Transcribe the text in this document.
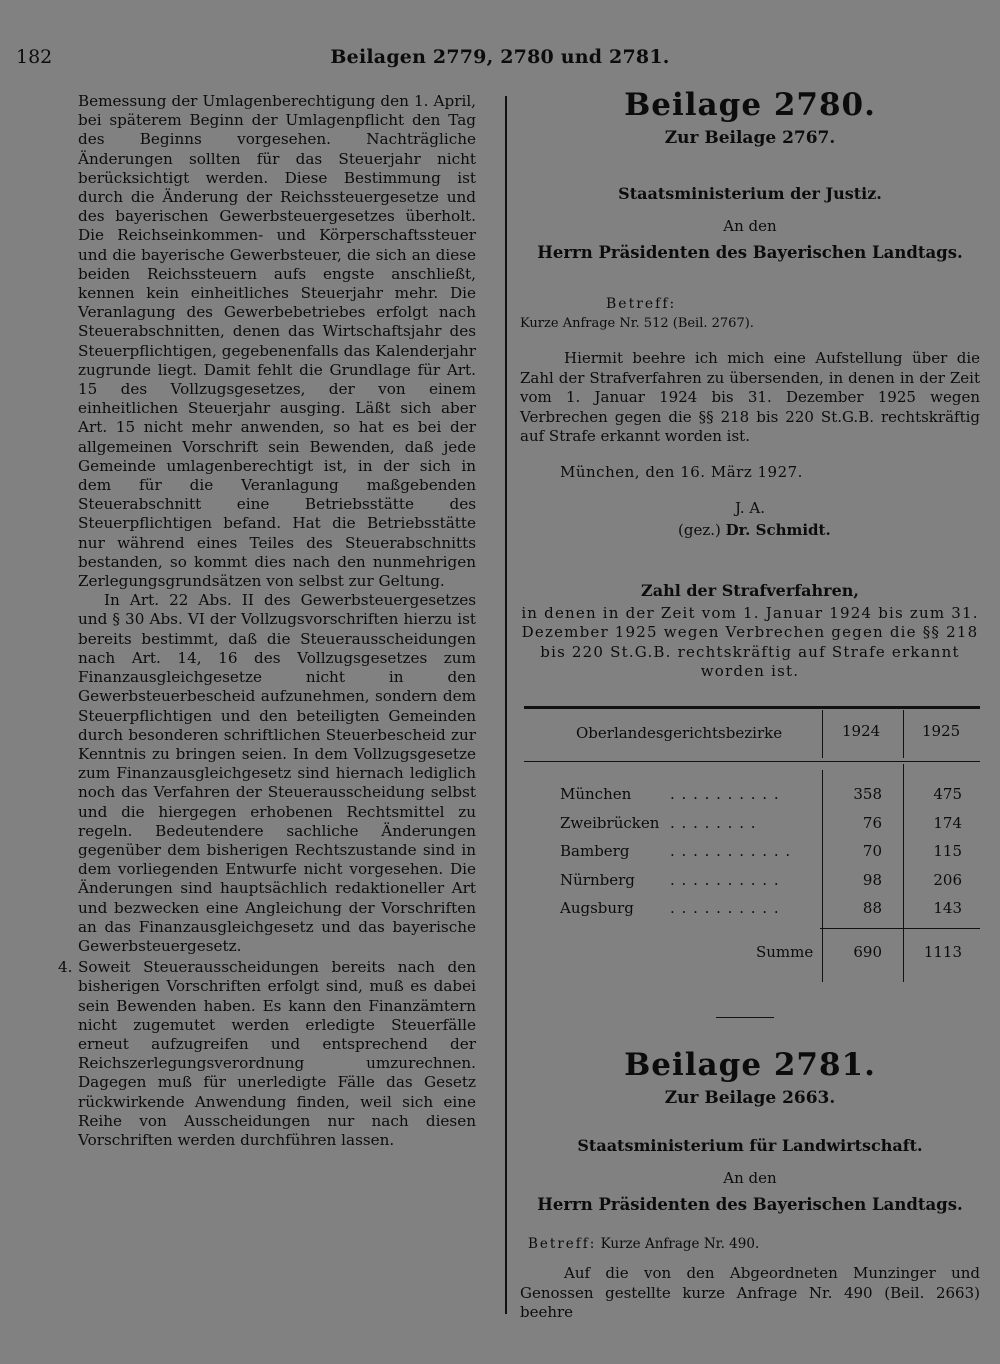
182	Beilagen 2779, 2780 und 2781.

Bemessung der Umlagenberechtigung den 1. April, bei späterem Beginn der Umlagenpflicht den Tag des Beginns vorgesehen. Nachträgliche Änderungen sollten für das Steuerjahr nicht berücksichtigt werden. Diese Bestimmung ist durch die Änderung der Reichssteuergesetze und des bayerischen Gewerbsteuergesetzes überholt. Die Reichseinkommen- und Körperschaftssteuer und die bayerische Gewerbsteuer, die sich an diese beiden Reichssteuern aufs engste anschließt, kennen kein einheitliches Steuerjahr mehr. Die Veranlagung des Gewerbebetriebes erfolgt nach Steuerabschnitten, denen das Wirtschaftsjahr des Steuerpflichtigen, gegebenenfalls das Kalenderjahr zugrunde liegt. Damit fehlt die Grundlage für Art. 15 des Vollzugsgesetzes, der von einem einheitlichen Steuerjahr ausging. Läßt sich aber Art. 15 nicht mehr anwenden, so hat es bei der allgemeinen Vorschrift sein Bewenden, daß jede Gemeinde umlagenberechtigt ist, in der sich in dem für die Veranlagung maßgebenden Steuerabschnitt eine Betriebsstätte des Steuerpflichtigen befand. Hat die Betriebsstätte nur während eines Teiles des Steuerabschnitts bestanden, so kommt dies nach den nunmehrigen Zerlegungsgrundsätzen von selbst zur Geltung.

In Art. 22 Abs. II des Gewerbsteuergesetzes und § 30 Abs. VI der Vollzugsvorschriften hierzu ist bereits bestimmt, daß die Steuerausscheidungen nach Art. 14, 16 des Vollzugsgesetzes zum Finanzausgleichgesetze nicht in den Gewerbsteuerbescheid aufzunehmen, sondern dem Steuerpflichtigen und den beteiligten Gemeinden durch besonderen schriftlichen Steuerbescheid zur Kenntnis zu bringen seien. In dem Vollzugsgesetze zum Finanzausgleichgesetz sind hiernach lediglich noch das Verfahren der Steuerausscheidung selbst und die hiergegen erhobenen Rechtsmittel zu regeln. Bedeutendere sachliche Änderungen gegenüber dem bisherigen Rechtszustande sind in dem vorliegenden Entwurfe nicht vorgesehen. Die Änderungen sind hauptsächlich redaktioneller Art und bezwecken eine Angleichung der Vorschriften an das Finanzausgleichgesetz und das bayerische Gewerbsteuergesetz.

4. Soweit Steuerausscheidungen bereits nach den bisherigen Vorschriften erfolgt sind, muß es dabei sein Bewenden haben. Es kann den Finanzämtern nicht zugemutet werden erledigte Steuerfälle erneut aufzugreifen und entsprechend der Reichszerlegungsverordnung umzurechnen. Dagegen muß für unerledigte Fälle das Gesetz rückwirkende Anwendung finden, weil sich eine Reihe von Ausscheidungen nur nach diesen Vorschriften werden durchführen lassen.

Beilage 2780.

Zur Beilage 2767.

Staatsministerium der Justiz.

An den

Herrn Präsidenten des Bayerischen Landtags.

Betreff:

Kurze Anfrage Nr. 512 (Beil. 2767).

Hiermit beehre ich mich eine Aufstellung über die Zahl der Strafverfahren zu übersenden, in denen in der Zeit vom 1. Januar 1924 bis 31. Dezember 1925 wegen Verbrechen gegen die §§ 218 bis 220 St.G.B. rechtskräftig auf Strafe erkannt worden ist.

München, den 16. März 1927.

J. A.

(gez.) Dr. Schmidt.

Zahl der Strafverfahren,

in denen in der Zeit vom 1. Januar 1924 bis zum 31. Dezember 1925 wegen Verbrechen gegen die §§ 218 bis 220 St.G.B. rechtskräftig auf Strafe erkannt worden ist.

Oberlandesgerichtsbezirke	1924	1925
München	. . . . . . . . . .	358	475
Zweibrücken . . . . . . . .	76	174
Bamberg	. . . . . . . . . . .	70	115
Nürnberg . . . . . . . . . .	98	206
Augsburg . . . . . . . . . .	88	143
Summe	690	1113
Beilage 2781.

Zur Beilage 2663.

Staatsministerium für Landwirtschaft.

An den

Herrn Präsidenten des Bayerischen Landtags.

Betreff: Kurze Anfrage Nr. 490.

Auf die von den Abgeordneten Munzinger und Genossen gestellte kurze Anfrage Nr. 490 (Beil. 2663) beehre
